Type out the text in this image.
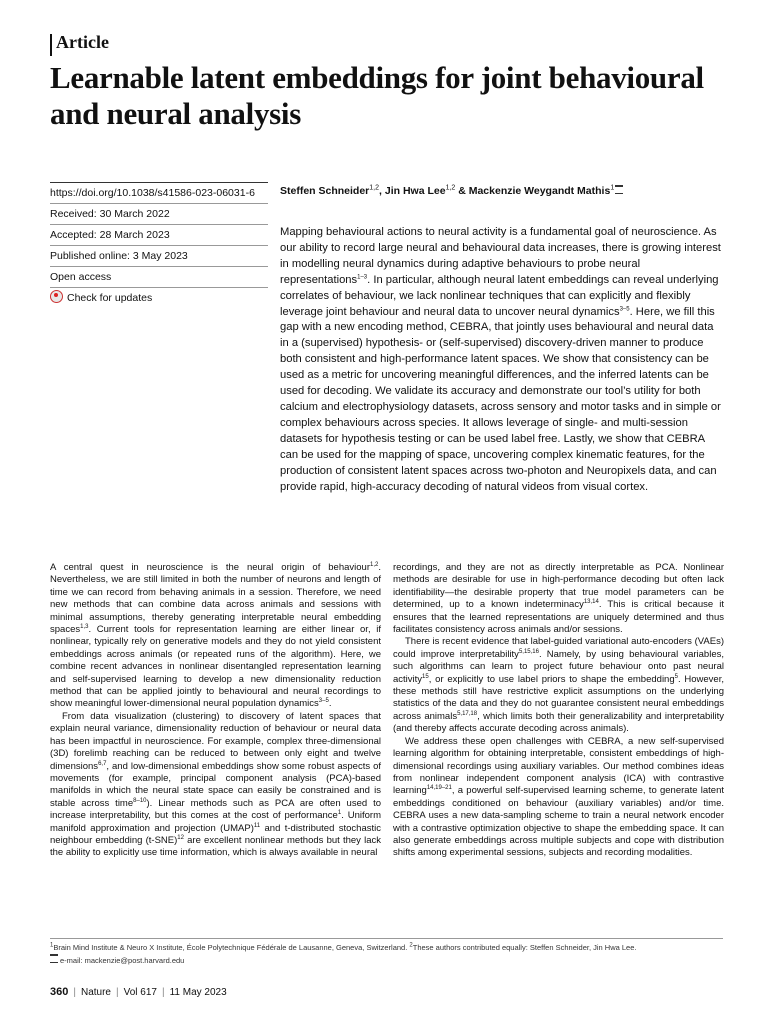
Article
Learnable latent embeddings for joint behavioural and neural analysis
https://doi.org/10.1038/s41586-023-06031-6
Received: 30 March 2022
Accepted: 28 March 2023
Published online: 3 May 2023
Open access
Check for updates
Steffen Schneider$^{1,2}$, Jin Hwa Lee$^{1,2}$ & Mackenzie Weygandt Mathis$^1$
Mapping behavioural actions to neural activity is a fundamental goal of neuroscience. As our ability to record large neural and behavioural data increases, there is growing interest in modelling neural dynamics during adaptive behaviours to probe neural representations$^{1-3}$. In particular, although neural latent embeddings can reveal underlying correlates of behaviour, we lack nonlinear techniques that can explicitly and flexibly leverage joint behaviour and neural data to uncover neural dynamics$^{3-5}$. Here, we fill this gap with a new encoding method, CEBRA, that jointly uses behavioural and neural data in a (supervised) hypothesis- or (self-supervised) discovery-driven manner to produce both consistent and high-performance latent spaces. We show that consistency can be used as a metric for uncovering meaningful differences, and the inferred latents can be used for decoding. We validate its accuracy and demonstrate our tool’s utility for both calcium and electrophysiology datasets, across sensory and motor tasks and in simple or complex behaviours across species. It allows leverage of single- and multi-session datasets for hypothesis testing or can be used label free. Lastly, we show that CEBRA can be used for the mapping of space, uncovering complex kinematic features, for the production of consistent latent spaces across two-photon and Neuropixels data, and can provide rapid, high-accuracy decoding of natural videos from visual cortex.

A central quest in neuroscience is the neural origin of behaviour$^{1,2}$. Nevertheless, we are still limited in both the number of neurons and length of time we can record from behaving animals in a session. Therefore, we need new methods that can combine data across animals and sessions with minimal assumptions, thereby generating interpretable neural embedding spaces$^{1,3}$. Current tools for representation learning are either linear or, if nonlinear, typically rely on generative models and they do not yield consistent embeddings across animals (or repeated runs of the algorithm). Here, we combine recent advances in nonlinear disentangled representation learning and self-supervised learning to develop a new dimensionality reduction method that can be applied jointly to behavioural and neural recordings to show meaningful lower-dimensional neural population dynamics$^{3-5}$.

From data visualization (clustering) to discovery of latent spaces that explain neural variance, dimensionality reduction of behaviour or neural data has been impactful in neuroscience. For example, complex three-dimensional (3D) forelimb reaching can be reduced to between only eight and twelve dimensions$^{6,7}$, and low-dimensional embeddings show some robust aspects of movements (for example, principal component analysis (PCA)-based manifolds in which the neural state space can easily be constrained and is stable across time$^{8-10}$). Linear methods such as PCA are often used to increase interpretability, but this comes at the cost of performance$^1$. Uniform manifold approximation and projection (UMAP)$^{11}$ and t-distributed stochastic neighbour embedding $(t-SNE)^{12}$ are excellent nonlinear methods but they lack the ability to explicitly use time information, which is always available in neural

recordings, and they are not as directly interpretable as PCA. Nonlinear methods are desirable for use in high-performance decoding but often lack identifiability—the desirable property that true model parameters can be determined, up to a known indeterminacy$^{13,14}$. This is critical because it ensures that the learned representations are uniquely determined and thus facilitates consistency across animals and/or sessions.

There is recent evidence that label-guided variational auto-encoders (VAEs) could improve interpretability$^{5,15,16}$. Namely, by using behavioural variables, such algorithms can learn to project future behaviour onto past neural activity$^{15}$, or explicitly to use label priors to shape the embedding$^5$. However, these methods still have restrictive explicit assumptions on the underlying statistics of the data and they do not guarantee consistent neural embeddings across animals$^{5,17,18}$, which limits both their generalizability and interpretability (and thereby affects accurate decoding across animals).

We address these open challenges with CEBRA, a new self-supervised learning algorithm for obtaining interpretable, consistent embeddings of high-dimensional recordings using auxiliary variables. Our method combines ideas from nonlinear independent component analysis (ICA) with contrastive learning$^{14,19-21}$, a powerful self-supervised learning scheme, to generate latent embeddings conditioned on behaviour (auxiliary variables) and/or time. CEBRA uses a new data-sampling scheme to train a neural network encoder with a contrastive optimization objective to shape the embedding space. It can also generate embeddings across multiple subjects and cope with distribution shifts among experimental sessions, subjects and recording modalities.

$^1$Brain Mind Institute & Neuro X Institute, École Polytechnique Fédérale de Lausanne, Geneva, Switzerland. $^2$These authors contributed equally: Steffen Schneider, Jin Hwa Lee.
e-mail: mackenzie@post.harvard.edu
360 | Nature | Vol 617 | 11 May 2023
